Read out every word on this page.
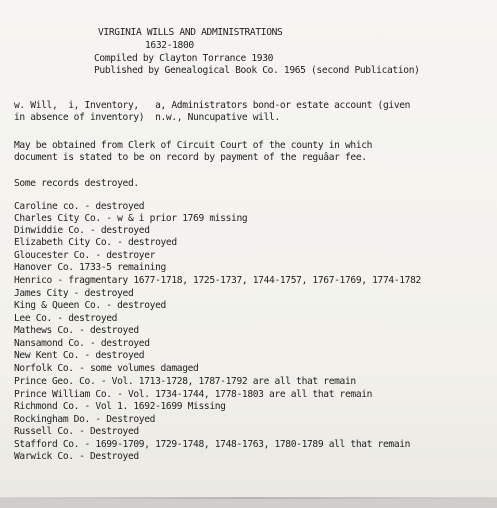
VIRGINIA WILLS AND ADMINISTRATIONS
1632-1800
Compiled by Clayton Torrance 1930
Published by Genealogical Book Co. 1965 (second Publication)
w. Will,  i, Inventory,   a, Administrators bond-or estate account (given
in absence of inventory)  n.w., Nuncupative will.
May be obtained from Clerk of Circuit Court of the county in which
document is stated to be on record by payment of the reguâar fee.
Some records destroyed.
Caroline co. - destroyed
Charles City Co. - w & i prior 1769 missing
Dinwiddie Co. - destroyed
Elizabeth City Co. - destroyed
Gloucester Co. - destroyer
Hanover Co. 1733-5 remaining
Henrico - fragmentary 1677-1718, 1725-1737, 1744-1757, 1767-1769, 1774-1782
James City - destroyed
King & Queen Co. - destroyed
Lee Co. - destroyed
Mathews Co. - destroyed
Nansamond Co. - destroyed
New Kent Co. - destroyed
Norfolk Co. - some volumes damaged
Prince Geo. Co. - Vol. 1713-1728, 1787-1792 are all that remain
Prince William Co. - Vol. 1734-1744, 1778-1803 are all that remain
Richmond Co. - Vol 1. 1692-1699 Missing
Rockingham Do. - Destroyed
Russell Co. - Destroyed
Stafford Co. - 1699-1709, 1729-1748, 1748-1763, 1780-1789 all that remain
Warwick Co. - Destroyed
